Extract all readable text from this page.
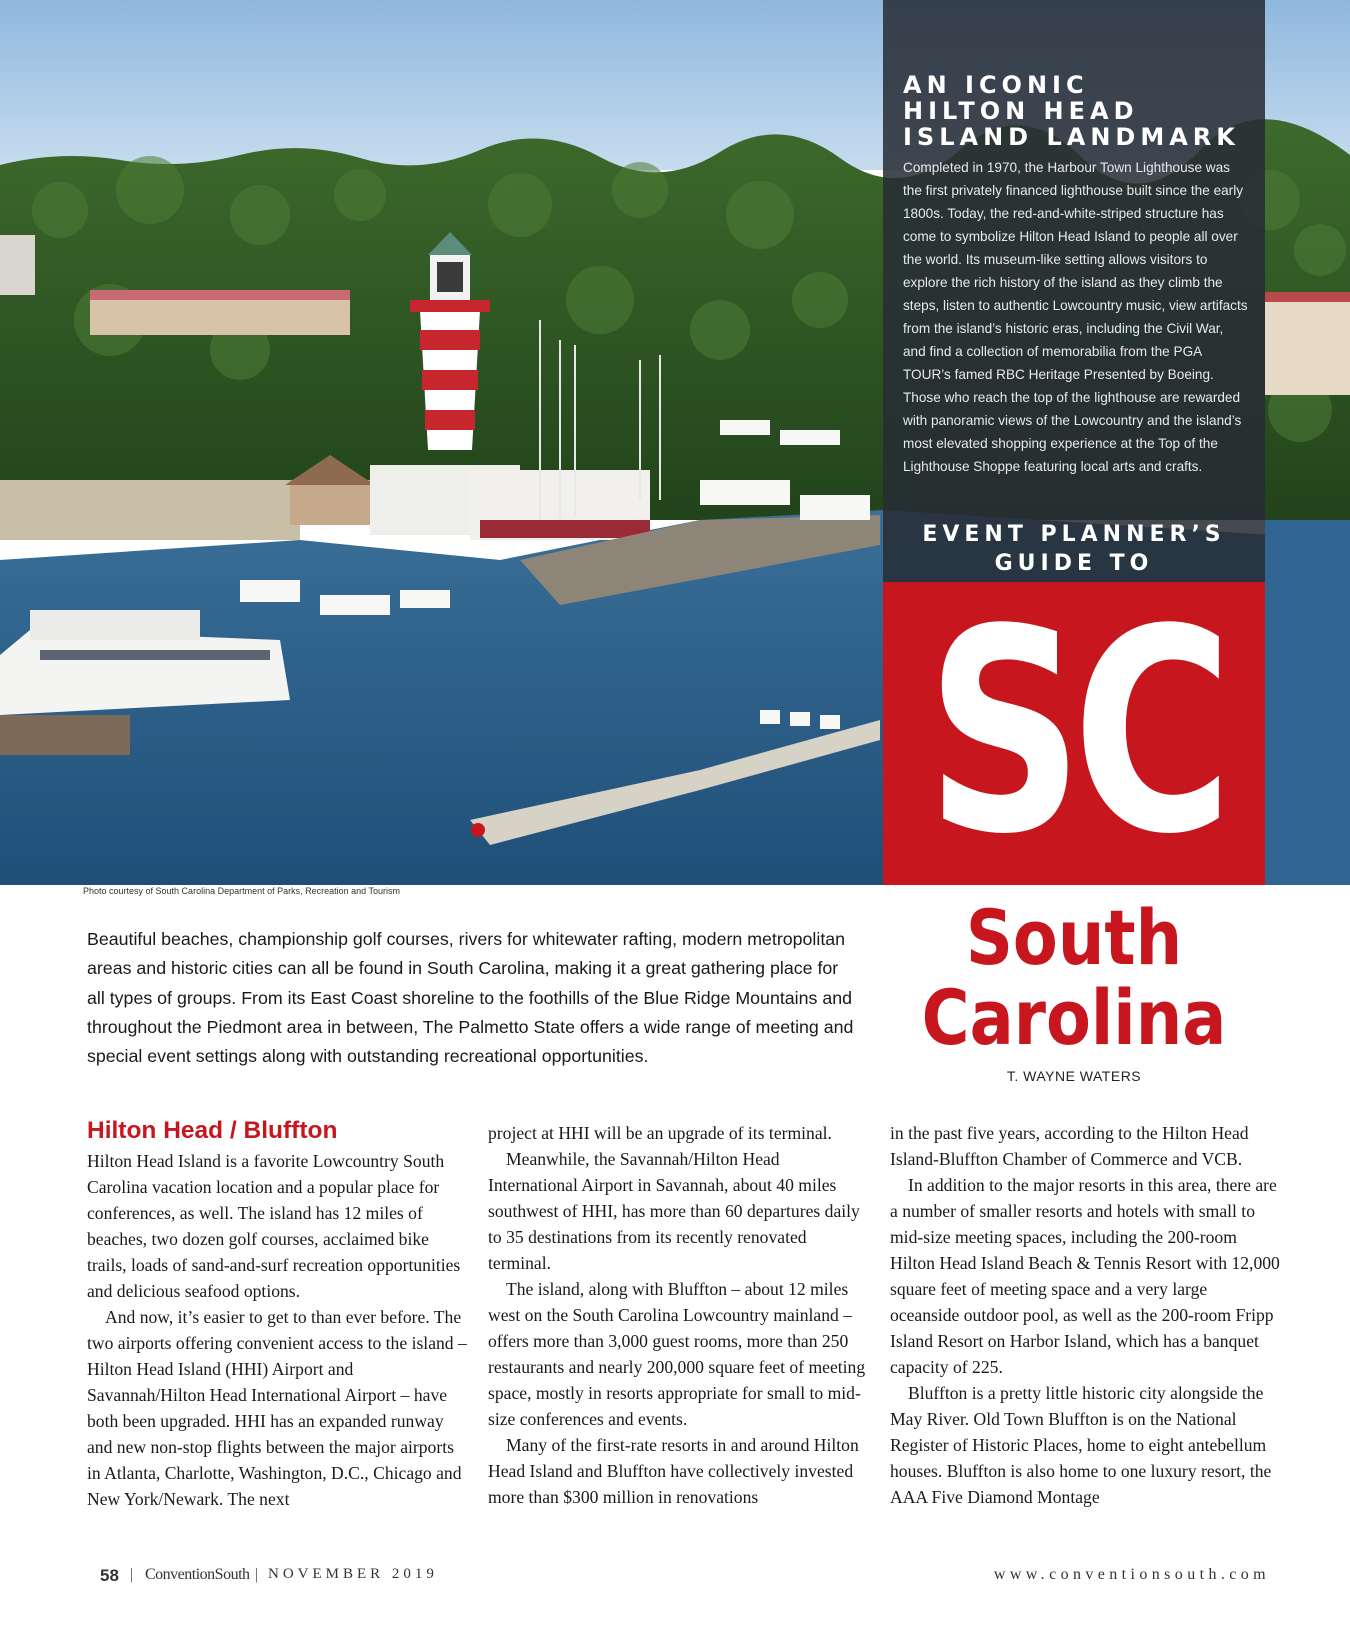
AN ICONIC
HILTON HEAD
ISLAND LANDMARK

Completed in 1970, the Harbour Town Lighthouse was the first privately financed lighthouse built since the early 1800s. Today, the red-and-white-striped structure has come to symbolize Hilton Head Island to people all over the world. Its museum-like setting allows visitors to explore the rich history of the island as they climb the steps, listen to authentic Lowcountry music, view artifacts from the island’s historic eras, including the Civil War, and find a collection of memorabilia from the PGA TOUR’s famed RBC Heritage Presented by Boeing. Those who reach the top of the lighthouse are rewarded with panoramic views of the Lowcountry and the island’s most elevated shopping experience at the Top of the Lighthouse Shoppe featuring local arts and crafts.

EVENT PLANNER’S
GUIDE TO
SC
Photo courtesy of South Carolina Department of Parks, Recreation and Tourism
South
Carolina
T. WAYNE WATERS

Beautiful beaches, championship golf courses, rivers for whitewater rafting, modern metropolitan areas and historic cities can all be found in South Carolina, making it a great gathering place for all types of groups. From its East Coast shoreline to the foothills of the Blue Ridge Mountains and throughout the Piedmont area in between, The Palmetto State offers a wide range of meeting and special event settings along with outstanding recreational opportunities.

Hilton Head / Bluffton

Hilton Head Island is a favorite Lowcountry South Carolina vacation location and a popular place for conferences, as well. The island has 12 miles of beaches, two dozen golf courses, acclaimed bike trails, loads of sand-and-surf recreation opportunities and delicious seafood options.

And now, it’s easier to get to than ever before. The two airports offering convenient access to the island – Hilton Head Island (HHI) Airport and Savannah/Hilton Head International Airport – have both been upgraded. HHI has an expanded runway and new non-stop flights between the major airports in Atlanta, Charlotte, Washington, D.C., Chicago and New York/Newark. The next

project at HHI will be an upgrade of its terminal.

Meanwhile, the Savannah/Hilton Head International Airport in Savannah, about 40 miles southwest of HHI, has more than 60 departures daily to 35 destinations from its recently renovated terminal.

The island, along with Bluffton – about 12 miles west on the South Carolina Lowcountry mainland – offers more than 3,000 guest rooms, more than 250 restaurants and nearly 200,000 square feet of meeting space, mostly in resorts appropriate for small to mid-size conferences and events.

Many of the first-rate resorts in and around Hilton Head Island and Bluffton have collectively invested more than $300 million in renovations

in the past five years, according to the Hilton Head Island-Bluffton Chamber of Commerce and VCB.

In addition to the major resorts in this area, there are a number of smaller resorts and hotels with small to mid-size meeting spaces, including the 200-room Hilton Head Island Beach & Tennis Resort with 12,000 square feet of meeting space and a very large oceanside outdoor pool, as well as the 200-room Fripp Island Resort on Harbor Island, which has a banquet capacity of 225.

Bluffton is a pretty little historic city alongside the May River. Old Town Bluffton is on the National Register of Historic Places, home to eight antebellum houses. Bluffton is also home to one luxury resort, the AAA Five Diamond Montage

58 | ConventionSouth | NOVEMBER 2019	www.conventionsouth.com
